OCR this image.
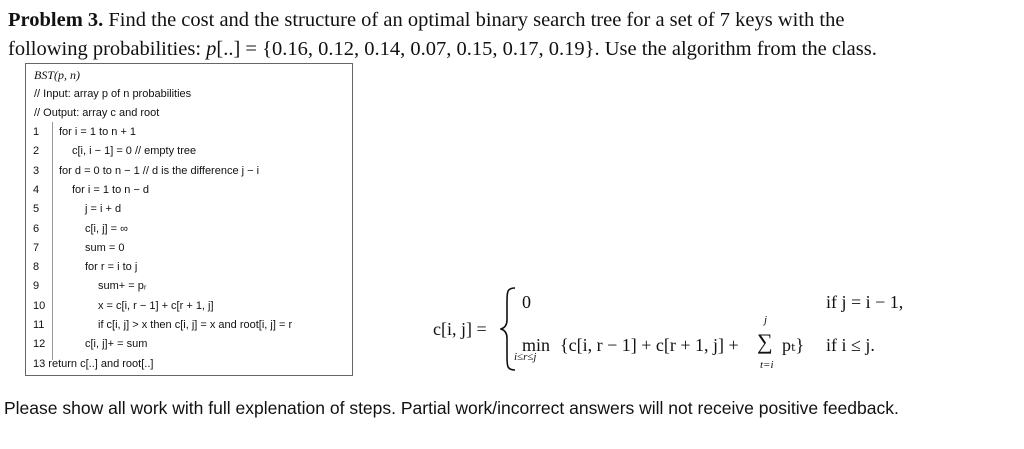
Problem 3. Find the cost and the structure of an optimal binary search tree for a set of 7 keys with the
following probabilities: p[..] = {0.16, 0.12, 0.14, 0.07, 0.15, 0.17, 0.19}. Use the algorithm from the class.
BST(p, n)
// Input: array p of n probabilities
// Output: array c and root
1	for i = 1 to n + 1
2	c[i, i − 1] = 0 // empty tree
3	for d = 0 to n − 1 // d is the difference j − i
4	for i = 1 to n − d
5	j = i + d
6	c[i, j] = ∞
7	sum = 0
8	for r = i to j
9	sum+ = pᵣ
10	x = c[i, r − 1] + c[r + 1, j]
11	if c[i, j] > x then c[i, j] = x and root[i, j] = r
12	c[i, j]+ = sum
13 return c[..] and root[..]
c[i, j] =
0	if j = i − 1,
min
i≤r≤j
{c[i, r − 1] + c[r + 1, j] +
j
∑
t=i
pₜ} if i ≤ j.
Please show all work with full explenation of steps. Partial work/incorrect answers will not receive positive feedback.
